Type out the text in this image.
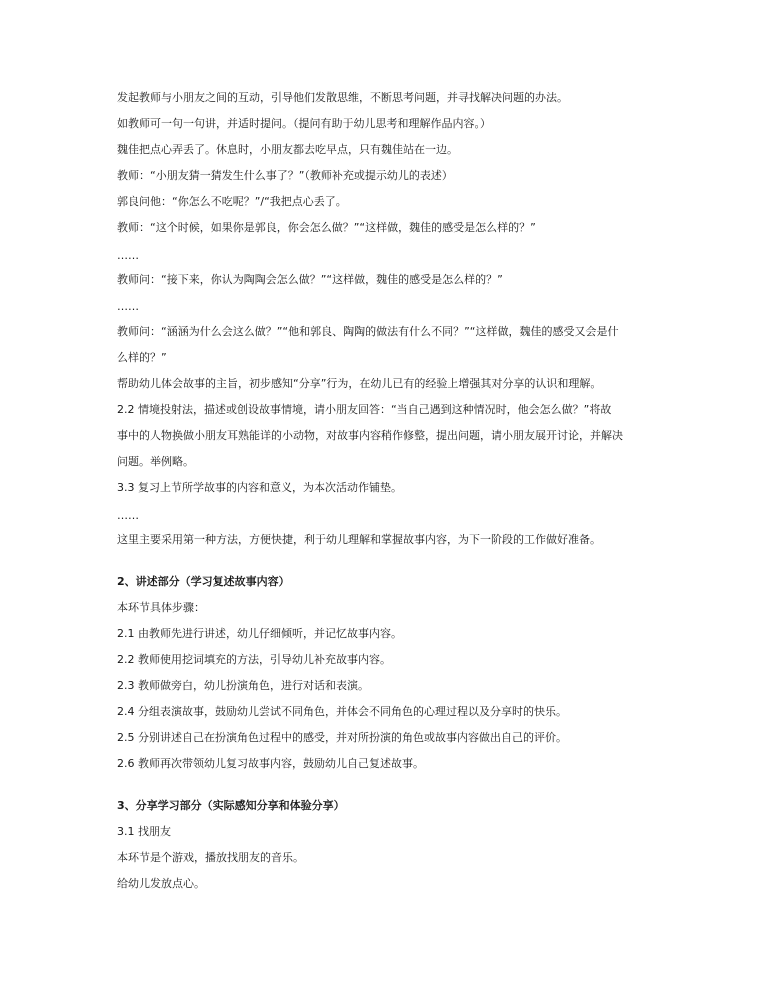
发起教师与小朋友之间的互动，引导他们发散思维，不断思考问题，并寻找解决问题的办法。
如教师可一句一句讲，并适时提问。（提问有助于幼儿思考和理解作品内容。）
魏佳把点心弄丢了。休息时，小朋友都去吃早点，只有魏佳站在一边。
教师：“小朋友猜一猜发生什么事了？”（教师补充或提示幼儿的表述）
郭良问他：“你怎么不吃呢？”/“我把点心丢了。
教师：“这个时候，如果你是郭良，你会怎么做？”“这样做，魏佳的感受是怎么样的？”
……
教师问：“接下来，你认为陶陶会怎么做？”“这样做，魏佳的感受是怎么样的？”
……
教师问：“涵涵为什么会这么做？”“他和郭良、陶陶的做法有什么不同？”“这样做，魏佳的感受又会是什
么样的？”
帮助幼儿体会故事的主旨，初步感知“分享”行为，在幼儿已有的经验上增强其对分享的认识和理解。
2.2 情境投射法，描述或创设故事情境，请小朋友回答：“当自己遇到这种情况时，他会怎么做？”将故
事中的人物换做小朋友耳熟能详的小动物，对故事内容稍作修整，提出问题，请小朋友展开讨论，并解决
问题。举例略。
3.3 复习上节所学故事的内容和意义，为本次活动作铺垫。
……
这里主要采用第一种方法，方便快捷，利于幼儿理解和掌握故事内容，为下一阶段的工作做好准备。
2、讲述部分（学习复述故事内容）
本环节具体步骤：
2.1 由教师先进行讲述，幼儿仔细倾听，并记忆故事内容。
2.2 教师使用挖词填充的方法，引导幼儿补充故事内容。
2.3 教师做旁白，幼儿扮演角色，进行对话和表演。
2.4 分组表演故事，鼓励幼儿尝试不同角色，并体会不同角色的心理过程以及分享时的快乐。
2.5 分别讲述自己在扮演角色过程中的感受，并对所扮演的角色或故事内容做出自己的评价。
2.6 教师再次带领幼儿复习故事内容，鼓励幼儿自己复述故事。
3、分享学习部分（实际感知分享和体验分享）
3.1 找朋友
本环节是个游戏，播放找朋友的音乐。
给幼儿发放点心。
